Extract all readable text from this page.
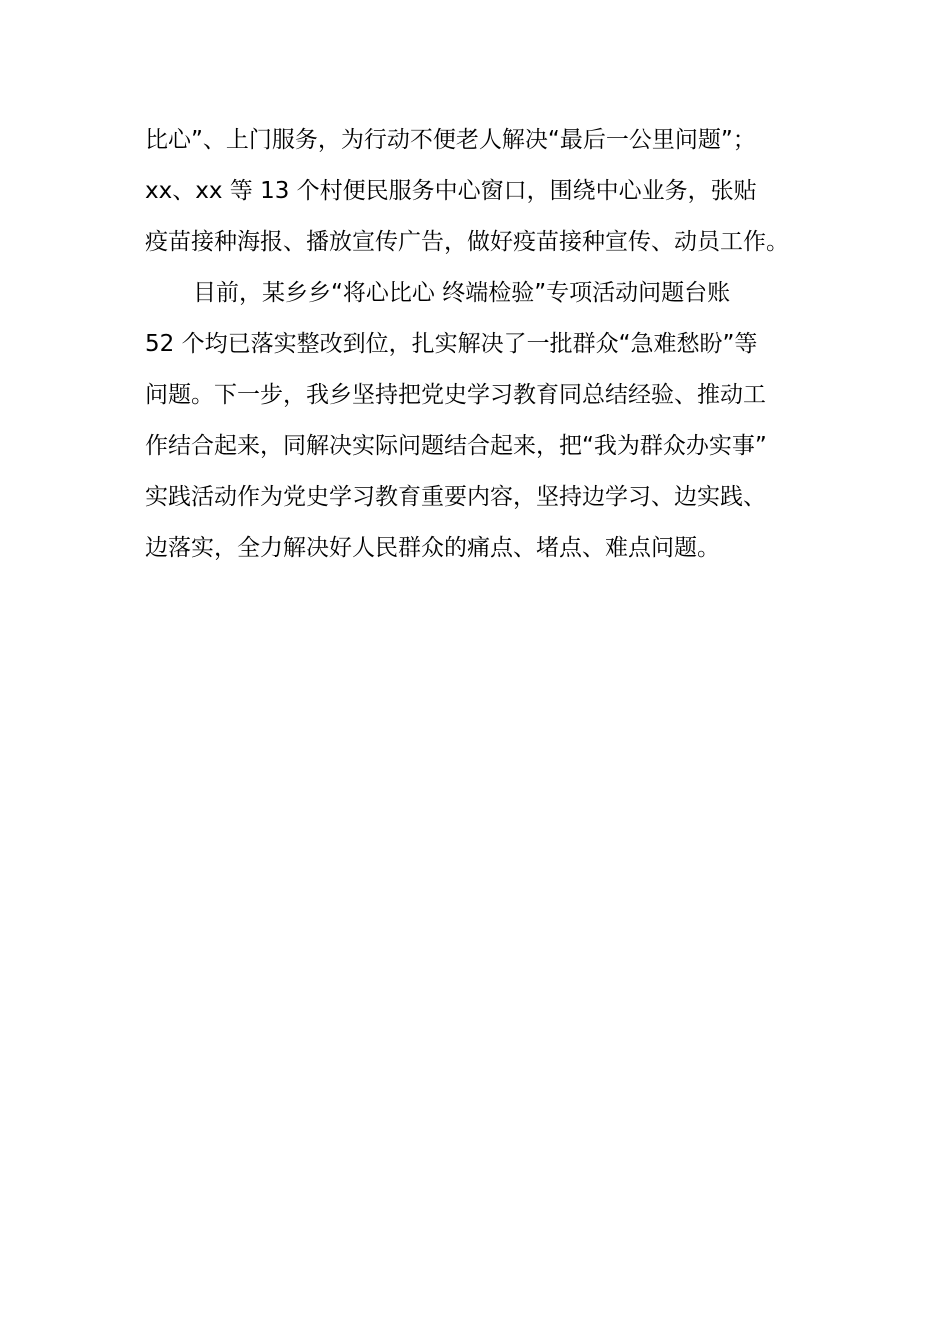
比心”、上门服务，为行动不便老人解决“最后一公里问题”；
xx、xx 等 13 个村便民服务中心窗口，围绕中心业务，张贴
疫苗接种海报、播放宣传广告，做好疫苗接种宣传、动员工作。
目前，某乡乡“将心比心 终端检验”专项活动问题台账
52 个均已落实整改到位，扎实解决了一批群众“急难愁盼”等
问题。下一步，我乡坚持把党史学习教育同总结经验、推动工
作结合起来，同解决实际问题结合起来，把“我为群众办实事”
实践活动作为党史学习教育重要内容，坚持边学习、边实践、
边落实，全力解决好人民群众的痛点、堵点、难点问题。
